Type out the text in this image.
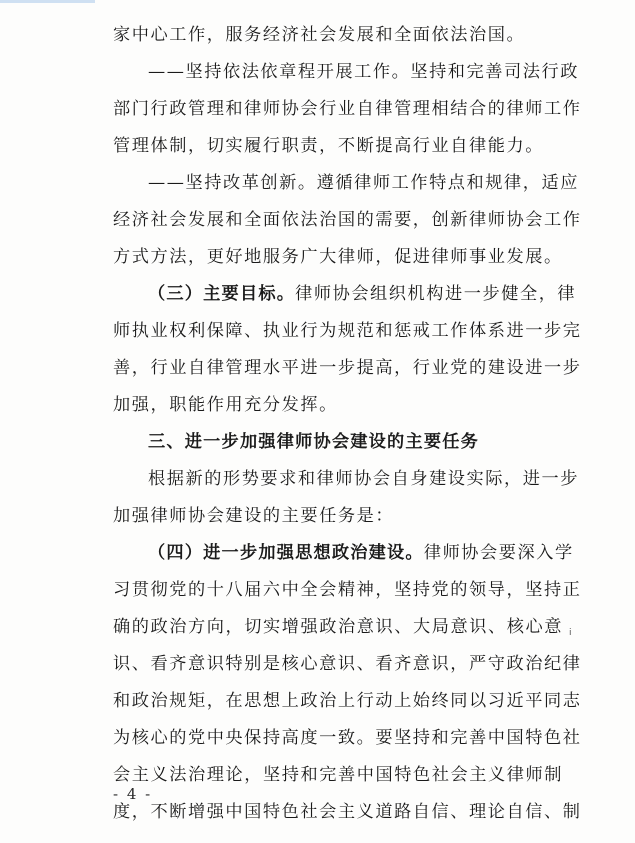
家中心工作，服务经济社会发展和全面依法治国。
——坚持依法依章程开展工作。坚持和完善司法行政
部门行政管理和律师协会行业自律管理相结合的律师工作
管理体制，切实履行职责，不断提高行业自律能力。
——坚持改革创新。遵循律师工作特点和规律，适应
经济社会发展和全面依法治国的需要，创新律师协会工作
方式方法，更好地服务广大律师，促进律师事业发展。
（三）主要目标。律师协会组织机构进一步健全，律
师执业权利保障、执业行为规范和惩戒工作体系进一步完
善，行业自律管理水平进一步提高，行业党的建设进一步
加强，职能作用充分发挥。
三、进一步加强律师协会建设的主要任务
根据新的形势要求和律师协会自身建设实际，进一步
加强律师协会建设的主要任务是：
（四）进一步加强思想政治建设。律师协会要深入学
习贯彻党的十八届六中全会精神，坚持党的领导，坚持正
确的政治方向，切实增强政治意识、大局意识、核心意
识、看齐意识特别是核心意识、看齐意识，严守政治纪律
和政治规矩，在思想上政治上行动上始终同以习近平同志
为核心的党中央保持高度一致。要坚持和完善中国特色社
会主义法治理论，坚持和完善中国特色社会主义律师制
度，不断增强中国特色社会主义道路自信、理论自信、制
ⅰ
- 4 -
